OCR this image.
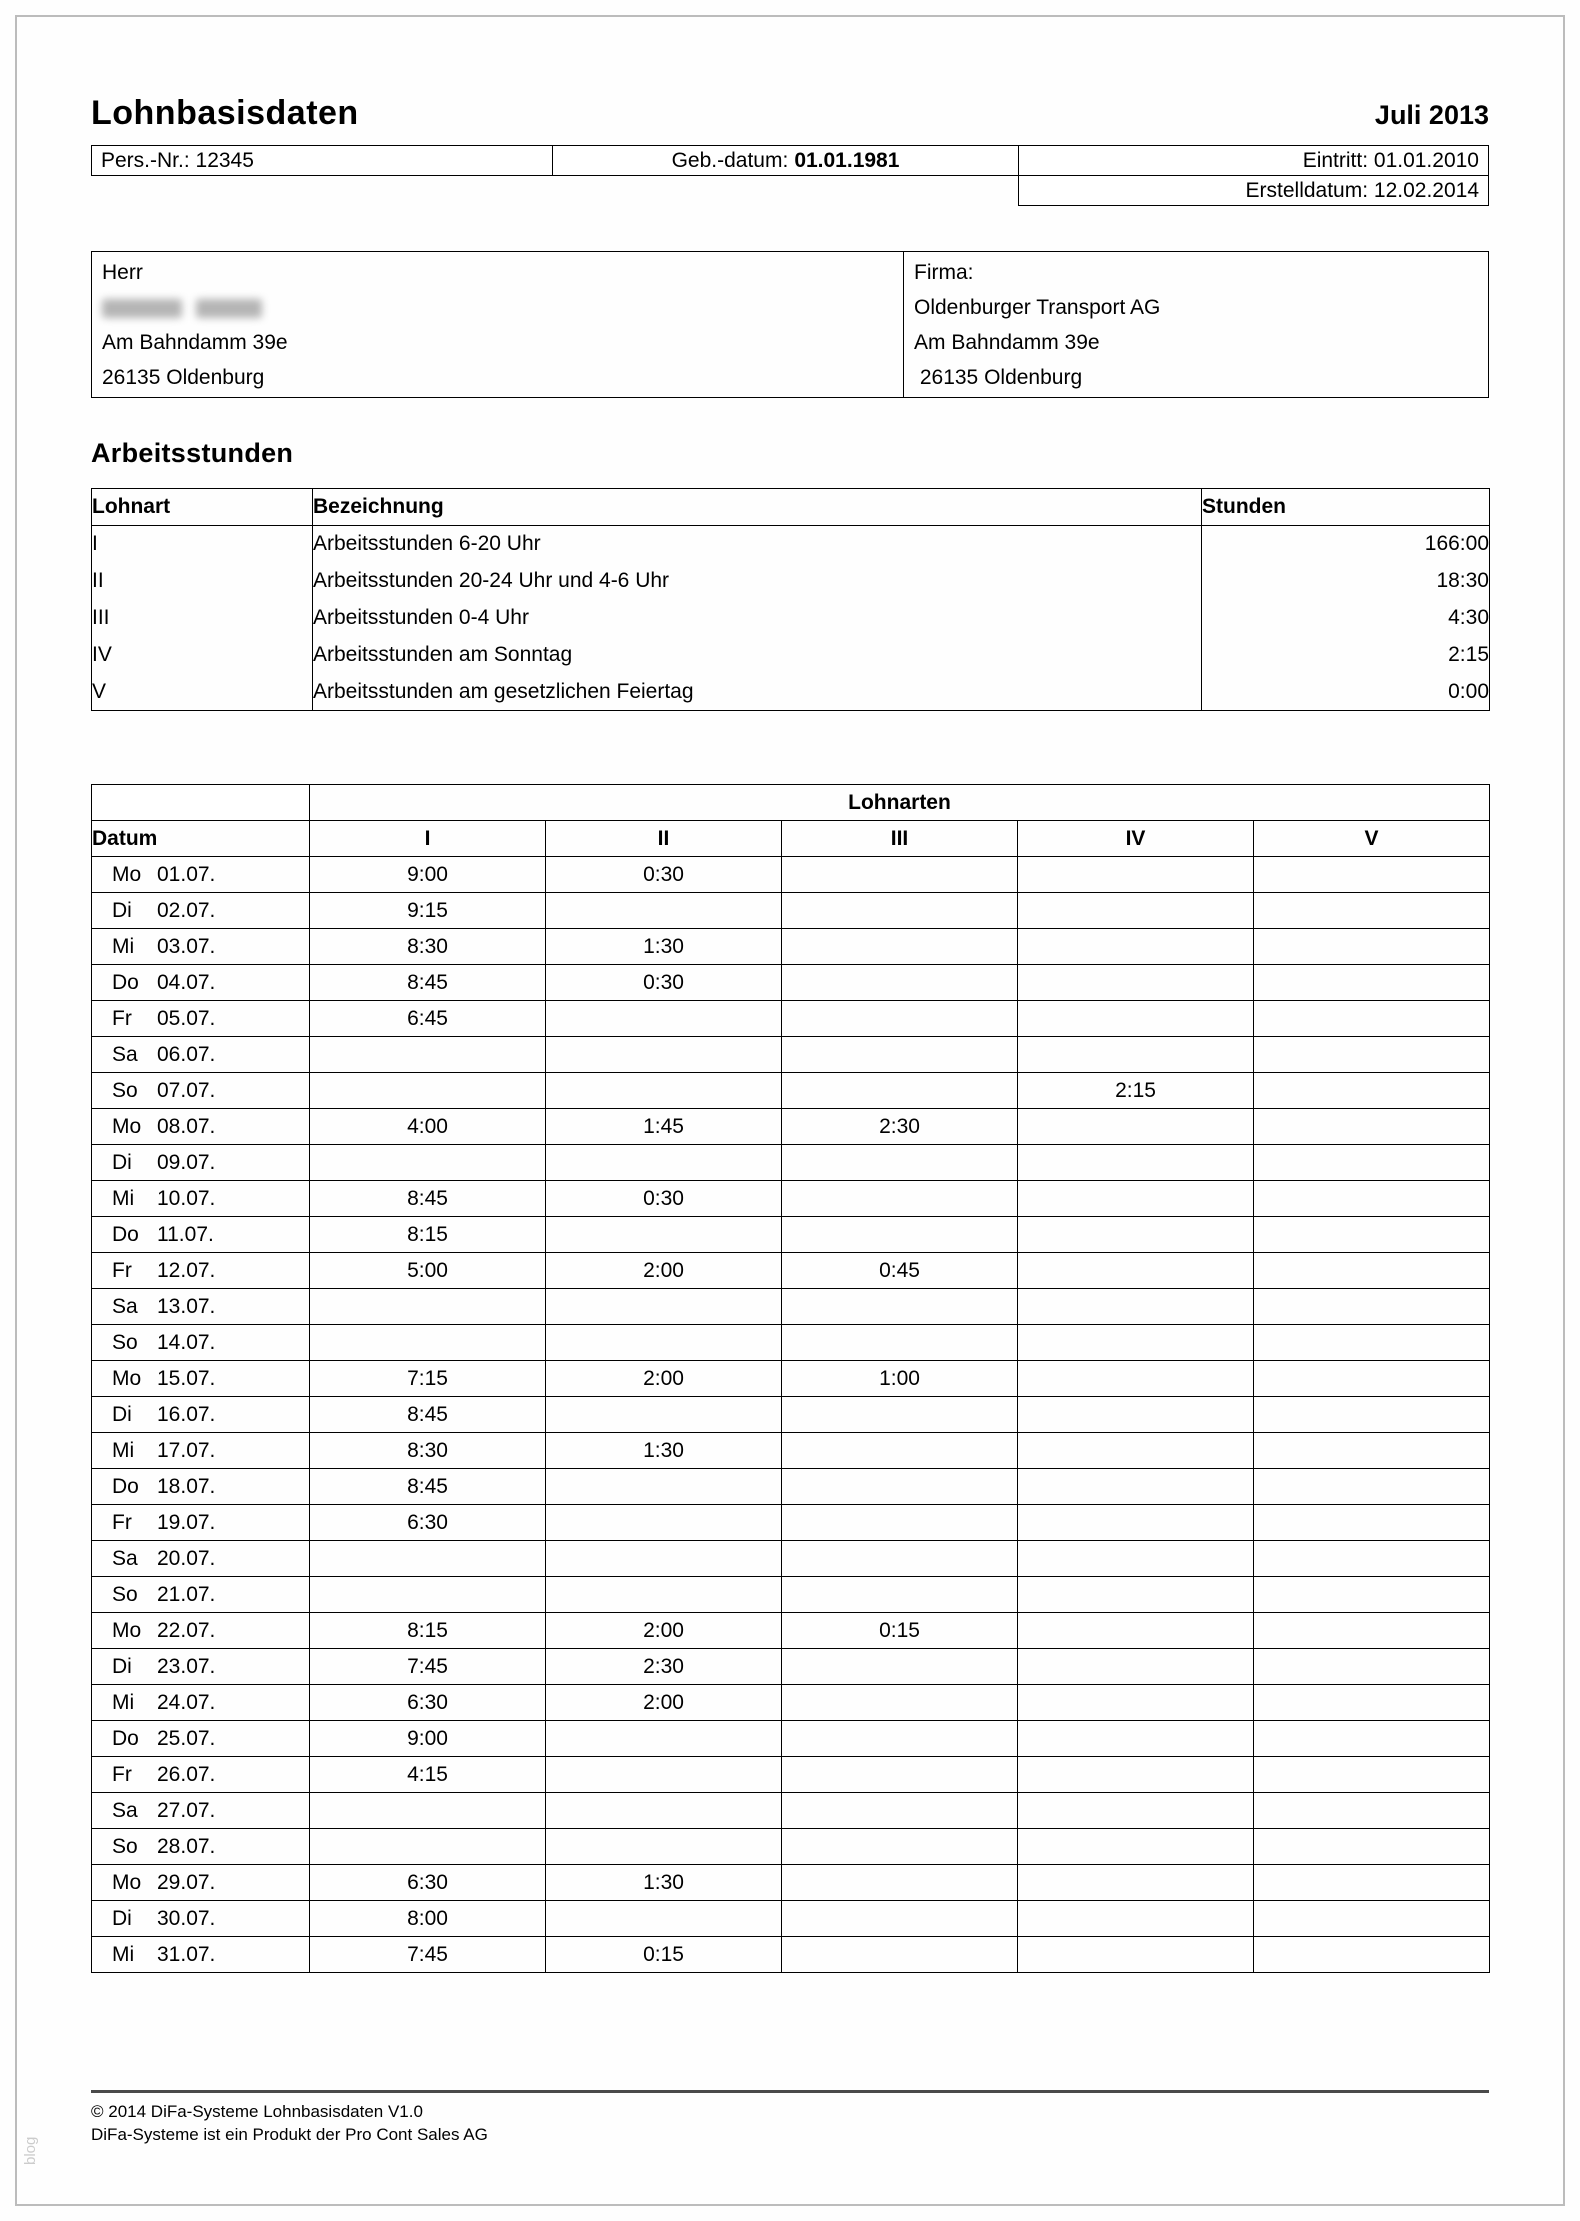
Lohnbasisdaten	Juli 2013
Pers.-Nr.: 12345	Geb.-datum: 01.01.1981	Eintritt: 01.01.2010
Erstelldatum: 12.02.2014
Herr
Am Bahndamm 39e
26135 Oldenburg
Firma:
Oldenburger Transport AG
Am Bahndamm 39e
26135 Oldenburg
Arbeitsstunden
Lohnart	Bezeichnung	Stunden
I	Arbeitsstunden 6-20 Uhr	166:00
II	Arbeitsstunden 20-24 Uhr und 4-6 Uhr	18:30
III	Arbeitsstunden 0-4 Uhr	4:30
IV	Arbeitsstunden am Sonntag	2:15
V	Arbeitsstunden am gesetzlichen Feiertag	0:00
	Lohnarten				
Datum	I	II	III	IV	V
Mo 01.07.	9:00	0:30			
Di 02.07.	9:15				
Mi 03.07.	8:30	1:30			
Do 04.07.	8:45	0:30			
Fr 05.07.	6:45				
Sa 06.07.					
So 07.07.				2:15	
Mo 08.07.	4:00	1:45	2:30		
Di 09.07.					
Mi 10.07.	8:45	0:30			
Do 11.07.	8:15				
Fr 12.07.	5:00	2:00	0:45		
Sa 13.07.					
So 14.07.					
Mo 15.07.	7:15	2:00	1:00		
Di 16.07.	8:45				
Mi 17.07.	8:30	1:30			
Do 18.07.	8:45				
Fr 19.07.	6:30				
Sa 20.07.					
So 21.07.					
Mo 22.07.	8:15	2:00	0:15		
Di 23.07.	7:45	2:30			
Mi 24.07.	6:30	2:00			
Do 25.07.	9:00				
Fr 26.07.	4:15				
Sa 27.07.					
So 28.07.					
Mo 29.07.	6:30	1:30			
Di 30.07.	8:00				
Mi 31.07.	7:45	0:15			
© 2014 DiFa-Systeme Lohnbasisdaten V1.0
DiFa-Systeme ist ein Produkt der Pro Cont Sales AG
blog
